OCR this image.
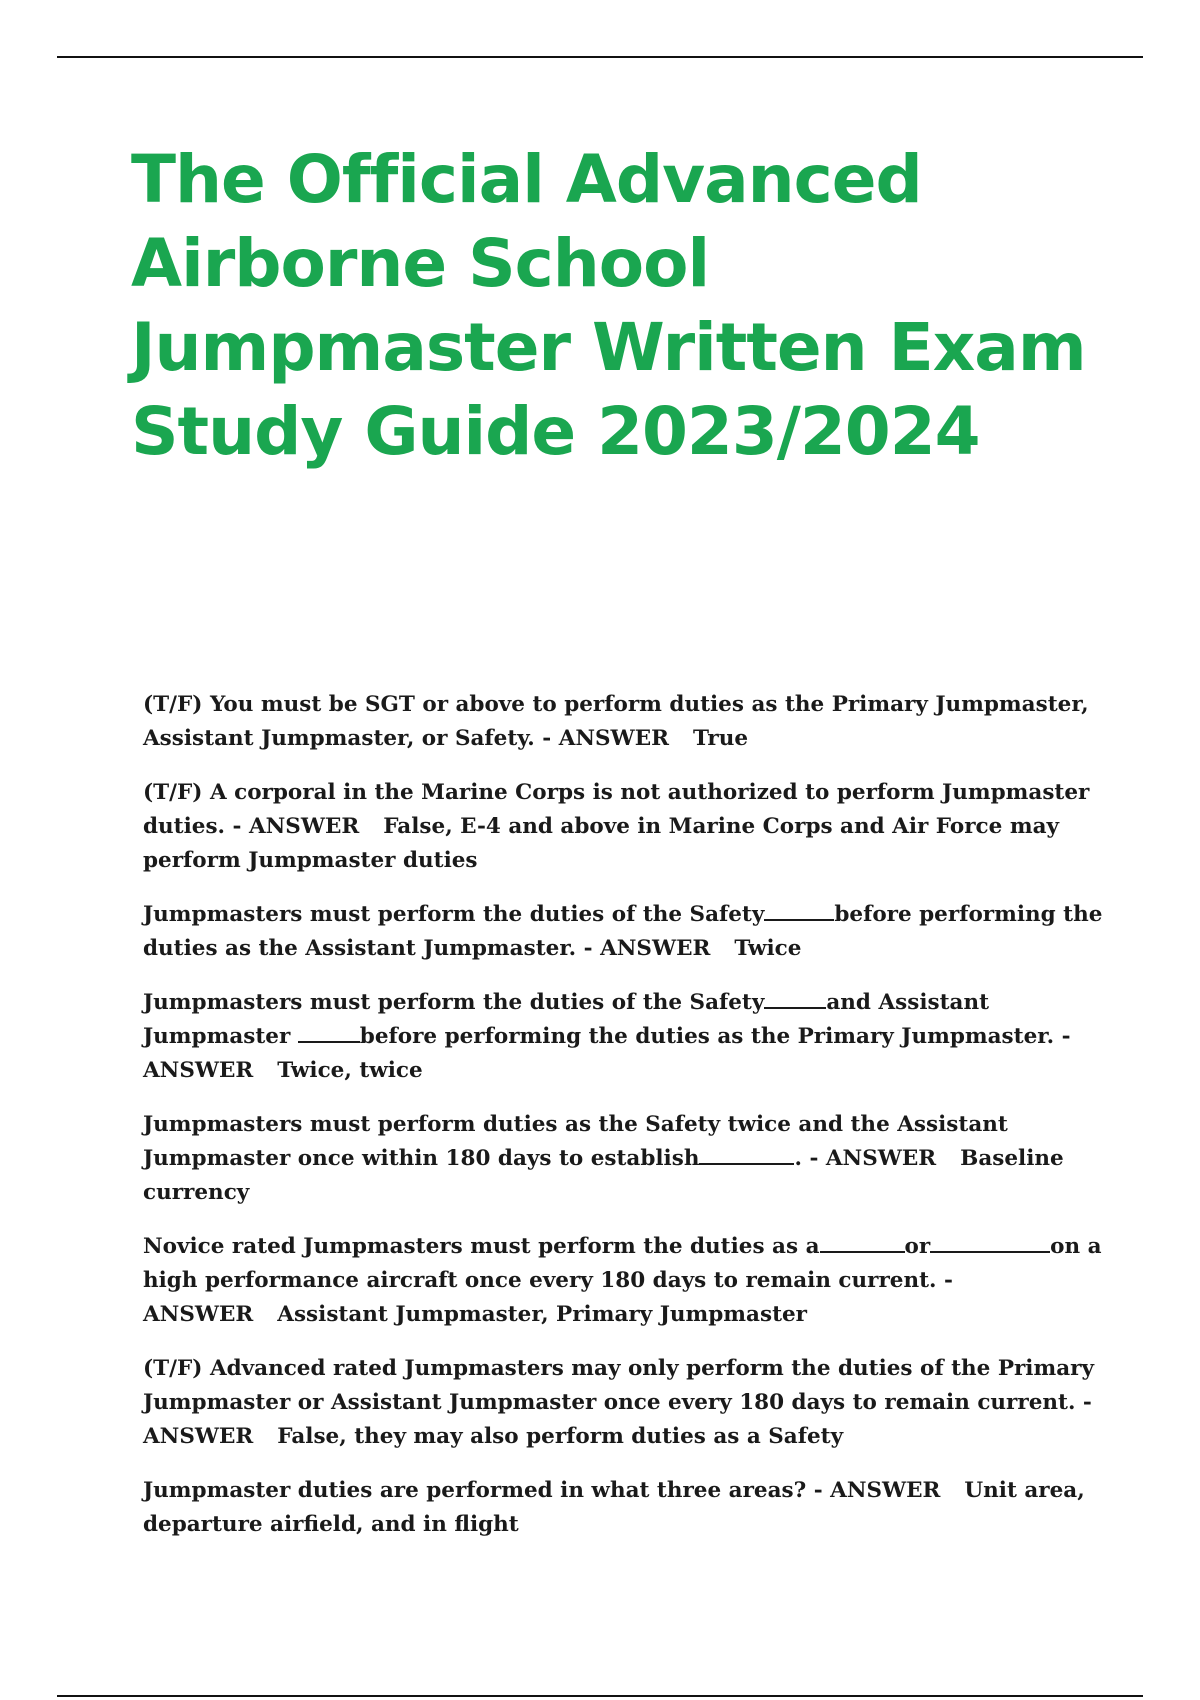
The Official Advanced
Airborne School
Jumpmaster Written Exam
Study Guide 2023/2024
(T/F) You must be SGT or above to perform duties as the Primary Jumpmaster, Assistant Jumpmaster, or Safety. - ANSWER True
(T/F) A corporal in the Marine Corps is not authorized to perform Jumpmaster duties. - ANSWER False, E-4 and above in Marine Corps and Air Force may perform Jumpmaster duties
Jumpmasters must perform the duties of the Safety	before performing the duties as the Assistant Jumpmaster. - ANSWER Twice
Jumpmasters must perform the duties of the Safety	and Assistant Jumpmaster	before performing the duties as the Primary Jumpmaster. - ANSWER Twice, twice
Jumpmasters must perform duties as the Safety twice and the Assistant Jumpmaster once within 180 days to establish	. - ANSWER Baseline currency
Novice rated Jumpmasters must perform the duties as a	or	on a high performance aircraft once every 180 days to remain current. - ANSWER Assistant Jumpmaster, Primary Jumpmaster
(T/F) Advanced rated Jumpmasters may only perform the duties of the Primary Jumpmaster or Assistant Jumpmaster once every 180 days to remain current. - ANSWER False, they may also perform duties as a Safety
Jumpmaster duties are performed in what three areas? - ANSWER Unit area, departure airfield, and in flight
